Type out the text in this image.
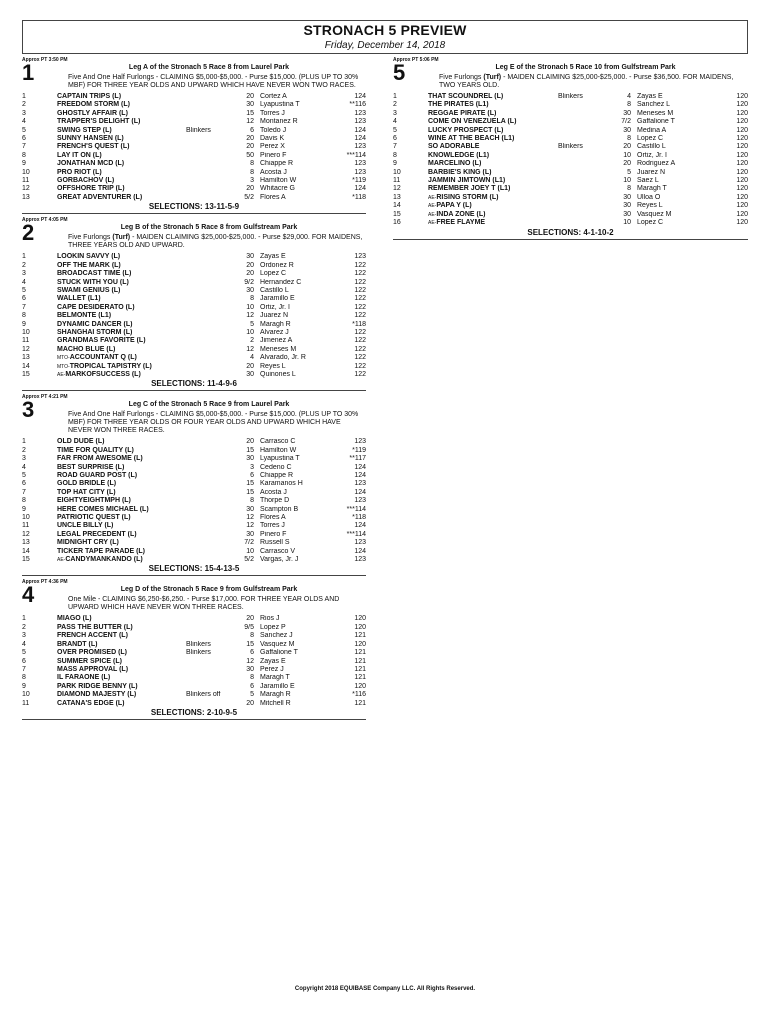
STRONACH 5 PREVIEW
Friday, December 14, 2018
Approx PT 3:50 PM
1	Leg A of the Stronach 5 Race 8 from Laurel Park
Five And One Half Furlongs - CLAIMING $5,000-$5,000. - Purse $15,000. (PLUS UP TO 30% MBF) FOR THREE YEAR OLDS AND UPWARD WHICH HAVE NEVER WON TWO RACES.
1	CAPTAIN TRIPS (L)		20	Cortez A	124
2	FREEDOM STORM (L)		30	Lyapustina T	**116
3	GHOSTLY AFFAIR (L)		15	Torres J	123
4	TRAPPER'S DELIGHT (L)		12	Montanez R	123
5	SWING STEP (L)	Blinkers	6	Toledo J	124
6	SUNNY HANSEN (L)		20	Davis K	124
7	FRENCH'S QUEST (L)		20	Perez X	123
8	LAY IT ON (L)		50	Pinero F	***114
9	JONATHAN MCD (L)		8	Chiappe R	123
10	PRO RIOT (L)		8	Acosta J	123
11	GORBACHOV (L)		3	Hamilton W	*119
12	OFFSHORE TRIP (L)		20	Whitacre G	124
13	GREAT ADVENTURER (L)		5/2	Flores A	*118
SELECTIONS: 13-11-5-9
Approx PT 4:05 PM
2	Leg B of the Stronach 5 Race 8 from Gulfstream Park
Five Furlongs (Turf) - MAIDEN CLAIMING $25,000-$25,000. - Purse $29,000. FOR MAIDENS, THREE YEARS OLD AND UPWARD.
1	LOOKIN SAVVY (L)		30	Zayas E	123
2	OFF THE MARK (L)		20	Ordonez R	122
3	BROADCAST TIME (L)		20	Lopez C	122
4	STUCK WITH YOU (L)		9/2	Hernandez C	122
5	SWAMI GENIUS (L)		30	Castillo L	122
6	WALLET (L1)		8	Jaramillo E	122
7	CAPE DESIDERATO (L)		10	Ortiz, Jr. I	122
8	BELMONTE (L1)		12	Juarez N	122
9	DYNAMIC DANCER (L)		5	Maragh R	*118
10	SHANGHAI STORM (L)		10	Alvarez J	122
11	GRANDMAS FAVORITE (L)		2	Jimenez A	122
12	MACHO BLUE (L)		12	Meneses M	122
13	MTO-ACCOUNTANT Q (L)		4	Alvarado, Jr. R	122
14	MTO-TROPICAL TAPISTRY (L)		20	Reyes L	122
15	AE-MARKOFSUCCESS (L)		30	Quinones L	122
SELECTIONS: 11-4-9-6
Approx PT 4:21 PM
3	Leg C of the Stronach 5 Race 9 from Laurel Park
Five And One Half Furlongs - CLAIMING $5,000-$5,000. - Purse $15,000. (PLUS UP TO 30% MBF) FOR THREE YEAR OLDS OR FOUR YEAR OLDS AND UPWARD WHICH HAVE NEVER WON THREE RACES.
1	OLD DUDE (L)		20	Carrasco C	123
2	TIME FOR QUALITY (L)		15	Hamilton W	*119
3	FAR FROM AWESOME (L)		30	Lyapustina T	**117
4	BEST SURPRISE (L)		3	Cedeno C	124
5	ROAD GUARD POST (L)		6	Chiappe R	124
6	GOLD BRIDLE (L)		15	Karamanos H	123
7	TOP HAT CITY (L)		15	Acosta J	124
8	EIGHTYEIGHTMPH (L)		8	Thorpe D	123
9	HERE COMES MICHAEL (L)		30	Scampton B	***114
10	PATRIOTIC QUEST (L)		12	Flores A	*118
11	UNCLE BILLY (L)		12	Torres J	124
12	LEGAL PRECEDENT (L)		30	Pinero F	***114
13	MIDNIGHT CRY (L)		7/2	Russell S	123
14	TICKER TAPE PARADE (L)		10	Carrasco V	124
15	AE-CANDYMANKANDO (L)		5/2	Vargas, Jr. J	123
SELECTIONS: 15-4-13-5
Approx PT 4:36 PM
4	Leg D of the Stronach 5 Race 9 from Gulfstream Park
One Mile - CLAIMING $6,250-$6,250. - Purse $17,000. FOR THREE YEAR OLDS AND UPWARD WHICH HAVE NEVER WON THREE RACES.
1	MIAGO (L)		20	Rios J	120
2	PASS THE BUTTER (L)		9/5	Lopez P	120
3	FRENCH ACCENT (L)		8	Sanchez J	121
4	BRANDT (L)	Blinkers	15	Vasquez M	120
5	OVER PROMISED (L)	Blinkers	6	Gaffalione T	121
6	SUMMER SPICE (L)		12	Zayas E	121
7	MASS APPROVAL (L)		30	Perez J	121
8	IL FARAONE (L)		8	Maragh T	121
9	PARK RIDGE BENNY (L)		6	Jaramillo E	120
10	DIAMOND MAJESTY (L)	Blinkers off	5	Maragh R	*116
11	CATANA'S EDGE (L)		20	Mitchell R	121
SELECTIONS: 2-10-9-5
Approx PT 5:06 PM
5	Leg E of the Stronach 5 Race 10 from Gulfstream Park
Five Furlongs (Turf) - MAIDEN CLAIMING $25,000-$25,000. - Purse $36,500. FOR MAIDENS, TWO YEARS OLD.
1	THAT SCOUNDREL (L)	Blinkers	4	Zayas E	120
2	THE PIRATES (L1)		8	Sanchez L	120
3	REGGAE PIRATE (L)		30	Meneses M	120
4	COME ON VENEZUELA (L)		7/2	Gaffalione T	120
5	LUCKY PROSPECT (L)		30	Medina A	120
6	WINE AT THE BEACH (L1)		8	Lopez C	120
7	SO ADORABLE	Blinkers	20	Castillo L	120
8	KNOWLEDGE (L1)		10	Ortiz, Jr. I	120
9	MARCELINO (L)		20	Rodriguez A	120
10	BARBIE'S KING (L)		5	Juarez N	120
11	JAMMIN JIMTOWN (L1)		10	Saez L	120
12	REMEMBER JOEY T (L1)		8	Maragh T	120
13	AE-RISING STORM (L)		30	Ulloa O	120
14	AE-PAPA Y (L)		30	Reyes L	120
15	AE-INDA ZONE (L)		30	Vasquez M	120
16	AE-FREE FLAYME		10	Lopez C	120
SELECTIONS: 4-1-10-2
Copyright 2018 EQUIBASE Company LLC. All Rights Reserved.
